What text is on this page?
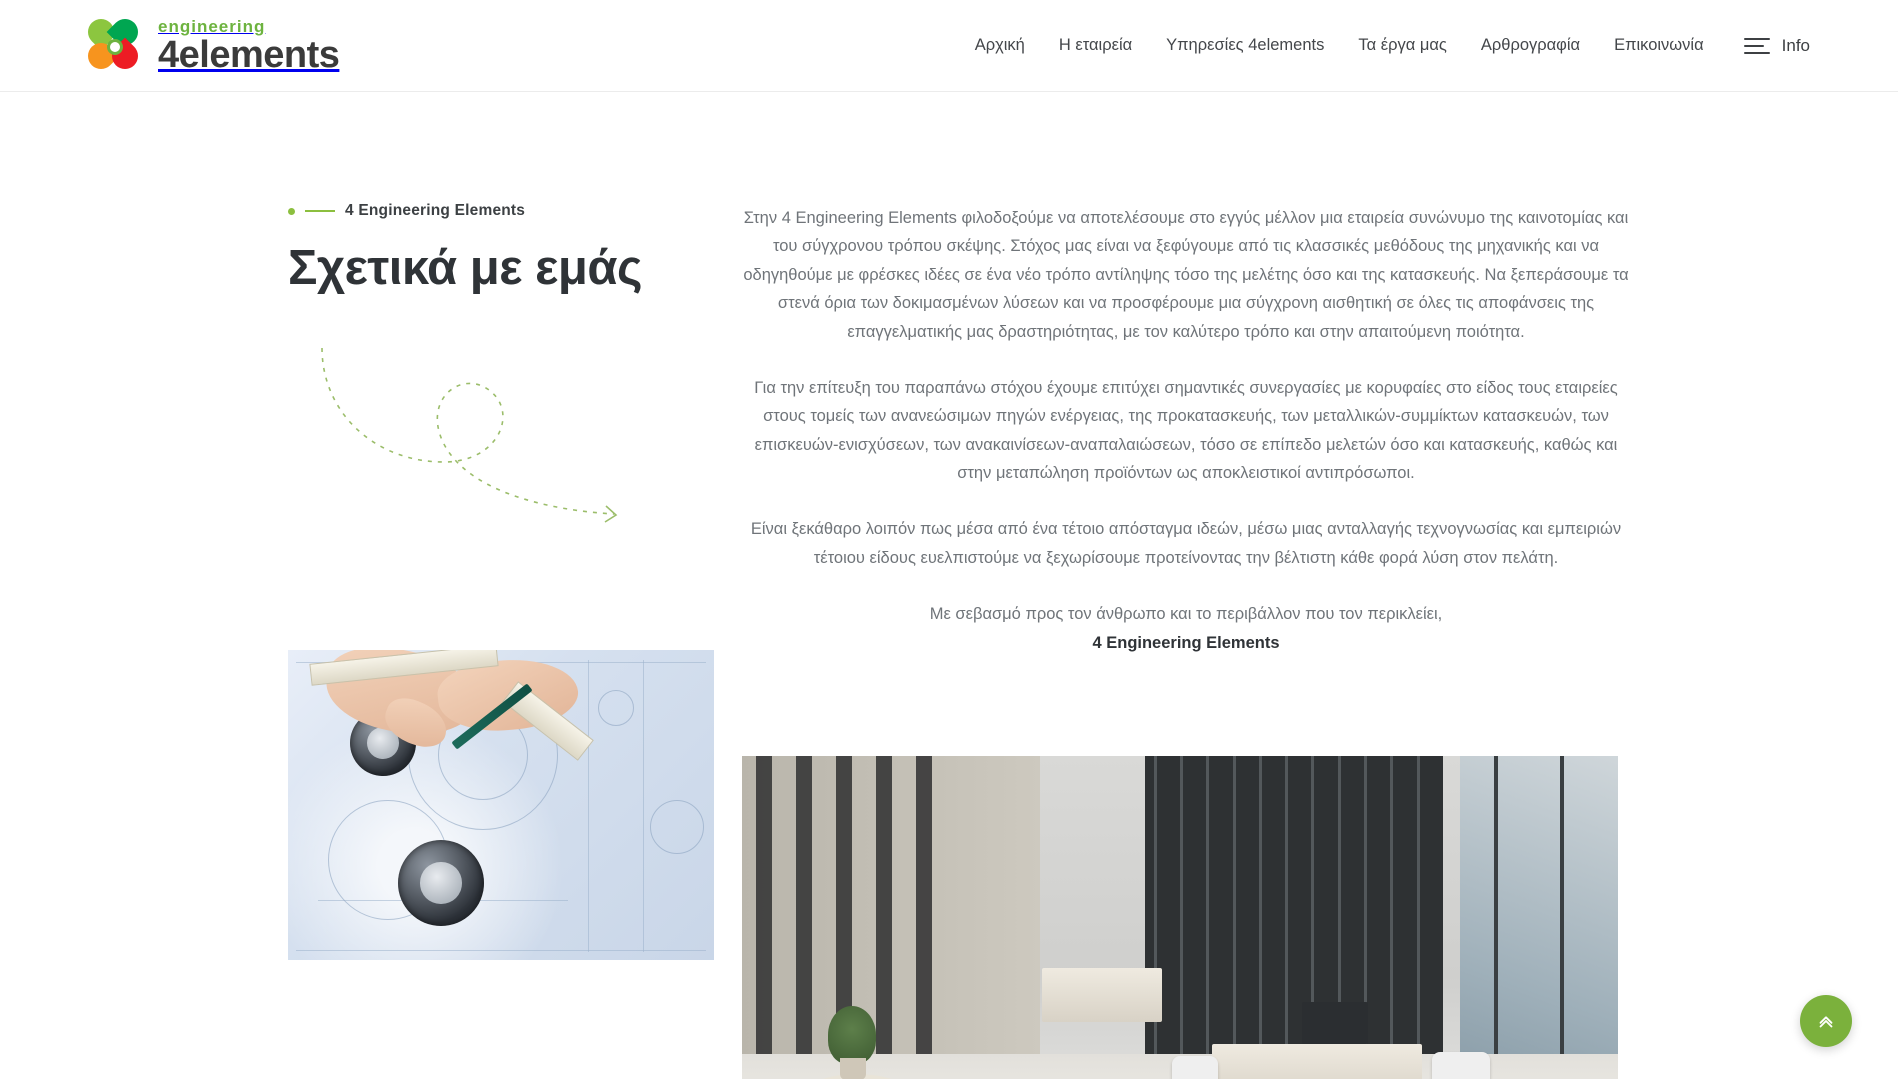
engineering
4elements	Αρχική Η εταιρεία Υπηρεσίες 4elements Τα έργα μας Αρθρογραφία Επικοινωνία	Info
4 Engineering Elements
Σχετικά με εμάς

Στην 4 Engineering Elements φιλοδοξούμε να αποτελέσουμε στο εγγύς μέλλον μια εταιρεία συνώνυμο της καινοτομίας και του σύγχρονου τρόπου σκέψης. Στόχος μας είναι να ξεφύγουμε από τις κλασσικές μεθόδους της μηχανικής και να οδηγηθούμε με φρέσκες ιδέες σε ένα νέο τρόπο αντίληψης τόσο της μελέτης όσο και της κατασκευής. Να ξεπεράσουμε τα στενά όρια των δοκιμασμένων λύσεων και να προσφέρουμε μια σύγχρονη αισθητική σε όλες τις αποφάνσεις της επαγγελματικής μας δραστηριότητας, με τον καλύτερο τρόπο και στην απαιτούμενη ποιότητα.

Για την επίτευξη του παραπάνω στόχου έχουμε επιτύχει σημαντικές συνεργασίες με κορυφαίες στο είδος τους εταιρείες στους τομείς των ανανεώσιμων πηγών ενέργειας, της προκατασκευής, των μεταλλικών-συμμίκτων κατασκευών, των επισκευών-ενισχύσεων, των ανακαινίσεων-αναπαλαιώσεων, τόσο σε επίπεδο μελετών όσο και κατασκευής, καθώς και στην μεταπώληση προϊόντων ως αποκλειστικοί αντιπρόσωποι.

Είναι ξεκάθαρο λοιπόν πως μέσα από ένα τέτοιο απόσταγμα ιδεών, μέσω μιας ανταλλαγής τεχνογνωσίας και εμπειριών τέτοιου είδους ευελπιστούμε να ξεχωρίσουμε προτείνοντας την βέλτιστη κάθε φορά λύση στον πελάτη.

Με σεβασμό προς τον άνθρωπο και το περιβάλλον που τον περικλείει,

4 Engineering Elements
